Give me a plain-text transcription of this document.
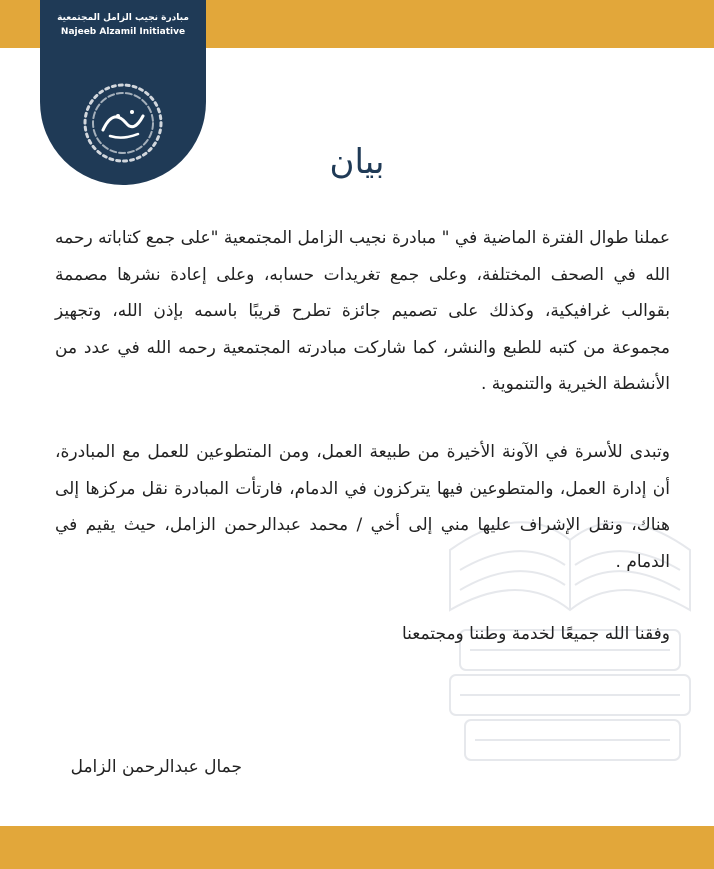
مبادرة نجيب الزامل المجتمعية
Najeeb Alzamil Initiative
بيان
عملنا طوال الفترة الماضية في " مبادرة نجيب الزامل المجتمعية "على جمع كتاباته رحمه الله في الصحف المختلفة، وعلى جمع تغريدات حسابه، وعلى إعادة نشرها مصممة بقوالب غرافيكية، وكذلك على تصميم جائزة تطرح قريبًا باسمه بإذن الله، وتجهيز مجموعة من كتبه للطبع والنشر، كما شاركت مبادرته المجتمعية رحمه الله في عدد من الأنشطة الخيرية والتنموية .
وتبدى للأسرة في الآونة الأخيرة من طبيعة العمل، ومن المتطوعين للعمل مع المبادرة، أن إدارة العمل، والمتطوعين فيها يتركزون في الدمام، فارتأت المبادرة نقل مركزها إلى هناك، ونقل الإشراف عليها مني إلى أخي / محمد عبدالرحمن الزامل، حيث يقيم في الدمام .
وفقنا الله جميعًا لخدمة وطننا ومجتمعنا
جمال عبدالرحمن الزامل
